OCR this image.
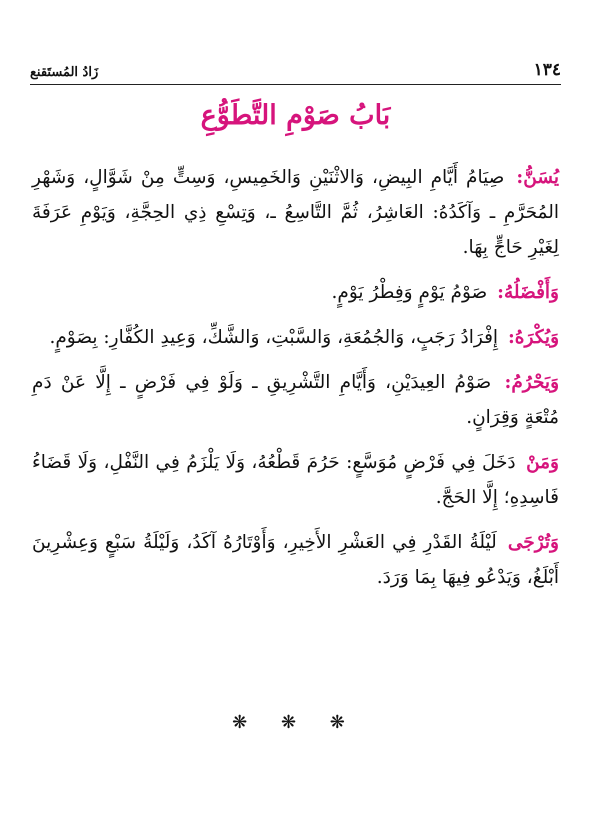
١٣٤
زَادُ المُستَقنع
بَابُ صَوْمِ التَّطَوُّعِ

يُسَنُّ: صِيَامُ أَيَّامِ البِيضِ، وَالاثْنَيْنِ وَالخَمِيسِ، وَسِتٍّ مِنْ شَوَّالٍ، وَشَهْرِ المُحَرَّمِ ـ وَآكَدُهُ: العَاشِرُ، ثُمَّ التَّاسِعُ ـ، وَتِسْعِ ذِي الحِجَّةِ، وَيَوْمِ عَرَفَةَ لِغَيْرِ حَاجٍّ بِهَا.

وَأَفْضَلُهُ: صَوْمُ يَوْمٍ وَفِطْرُ يَوْمٍ.

وَيُكْرَهُ: إِفْرَادُ رَجَبٍ، وَالجُمُعَةِ، وَالسَّبْتِ، وَالشَّكِّ، وَعِيدِ الكُفَّارِ: بِصَوْمٍ.

وَيَحْرُمُ: صَوْمُ العِيدَيْنِ، وَأَيَّامِ التَّشْرِيقِ ـ وَلَوْ فِي فَرْضٍ ـ إِلَّا عَنْ دَمِ مُتْعَةٍ وَقِرَانٍ.

وَمَنْ دَخَلَ فِي فَرْضٍ مُوَسَّعٍ: حَرُمَ قَطْعُهُ، وَلَا يَلْزَمُ فِي النَّفْلِ، وَلَا قَضَاءُ فَاسِدِهِ؛ إِلَّا الحَجَّ.

وَتُرْجَى لَيْلَةُ القَدْرِ فِي العَشْرِ الأَخِيرِ، وَأَوْتَارُهُ آكَدُ، وَلَيْلَةُ سَبْعٍ وَعِشْرِينَ أَبْلَغُ، وَيَدْعُو فِيهَا بِمَا وَرَدَ.

❋ ❋ ❋
